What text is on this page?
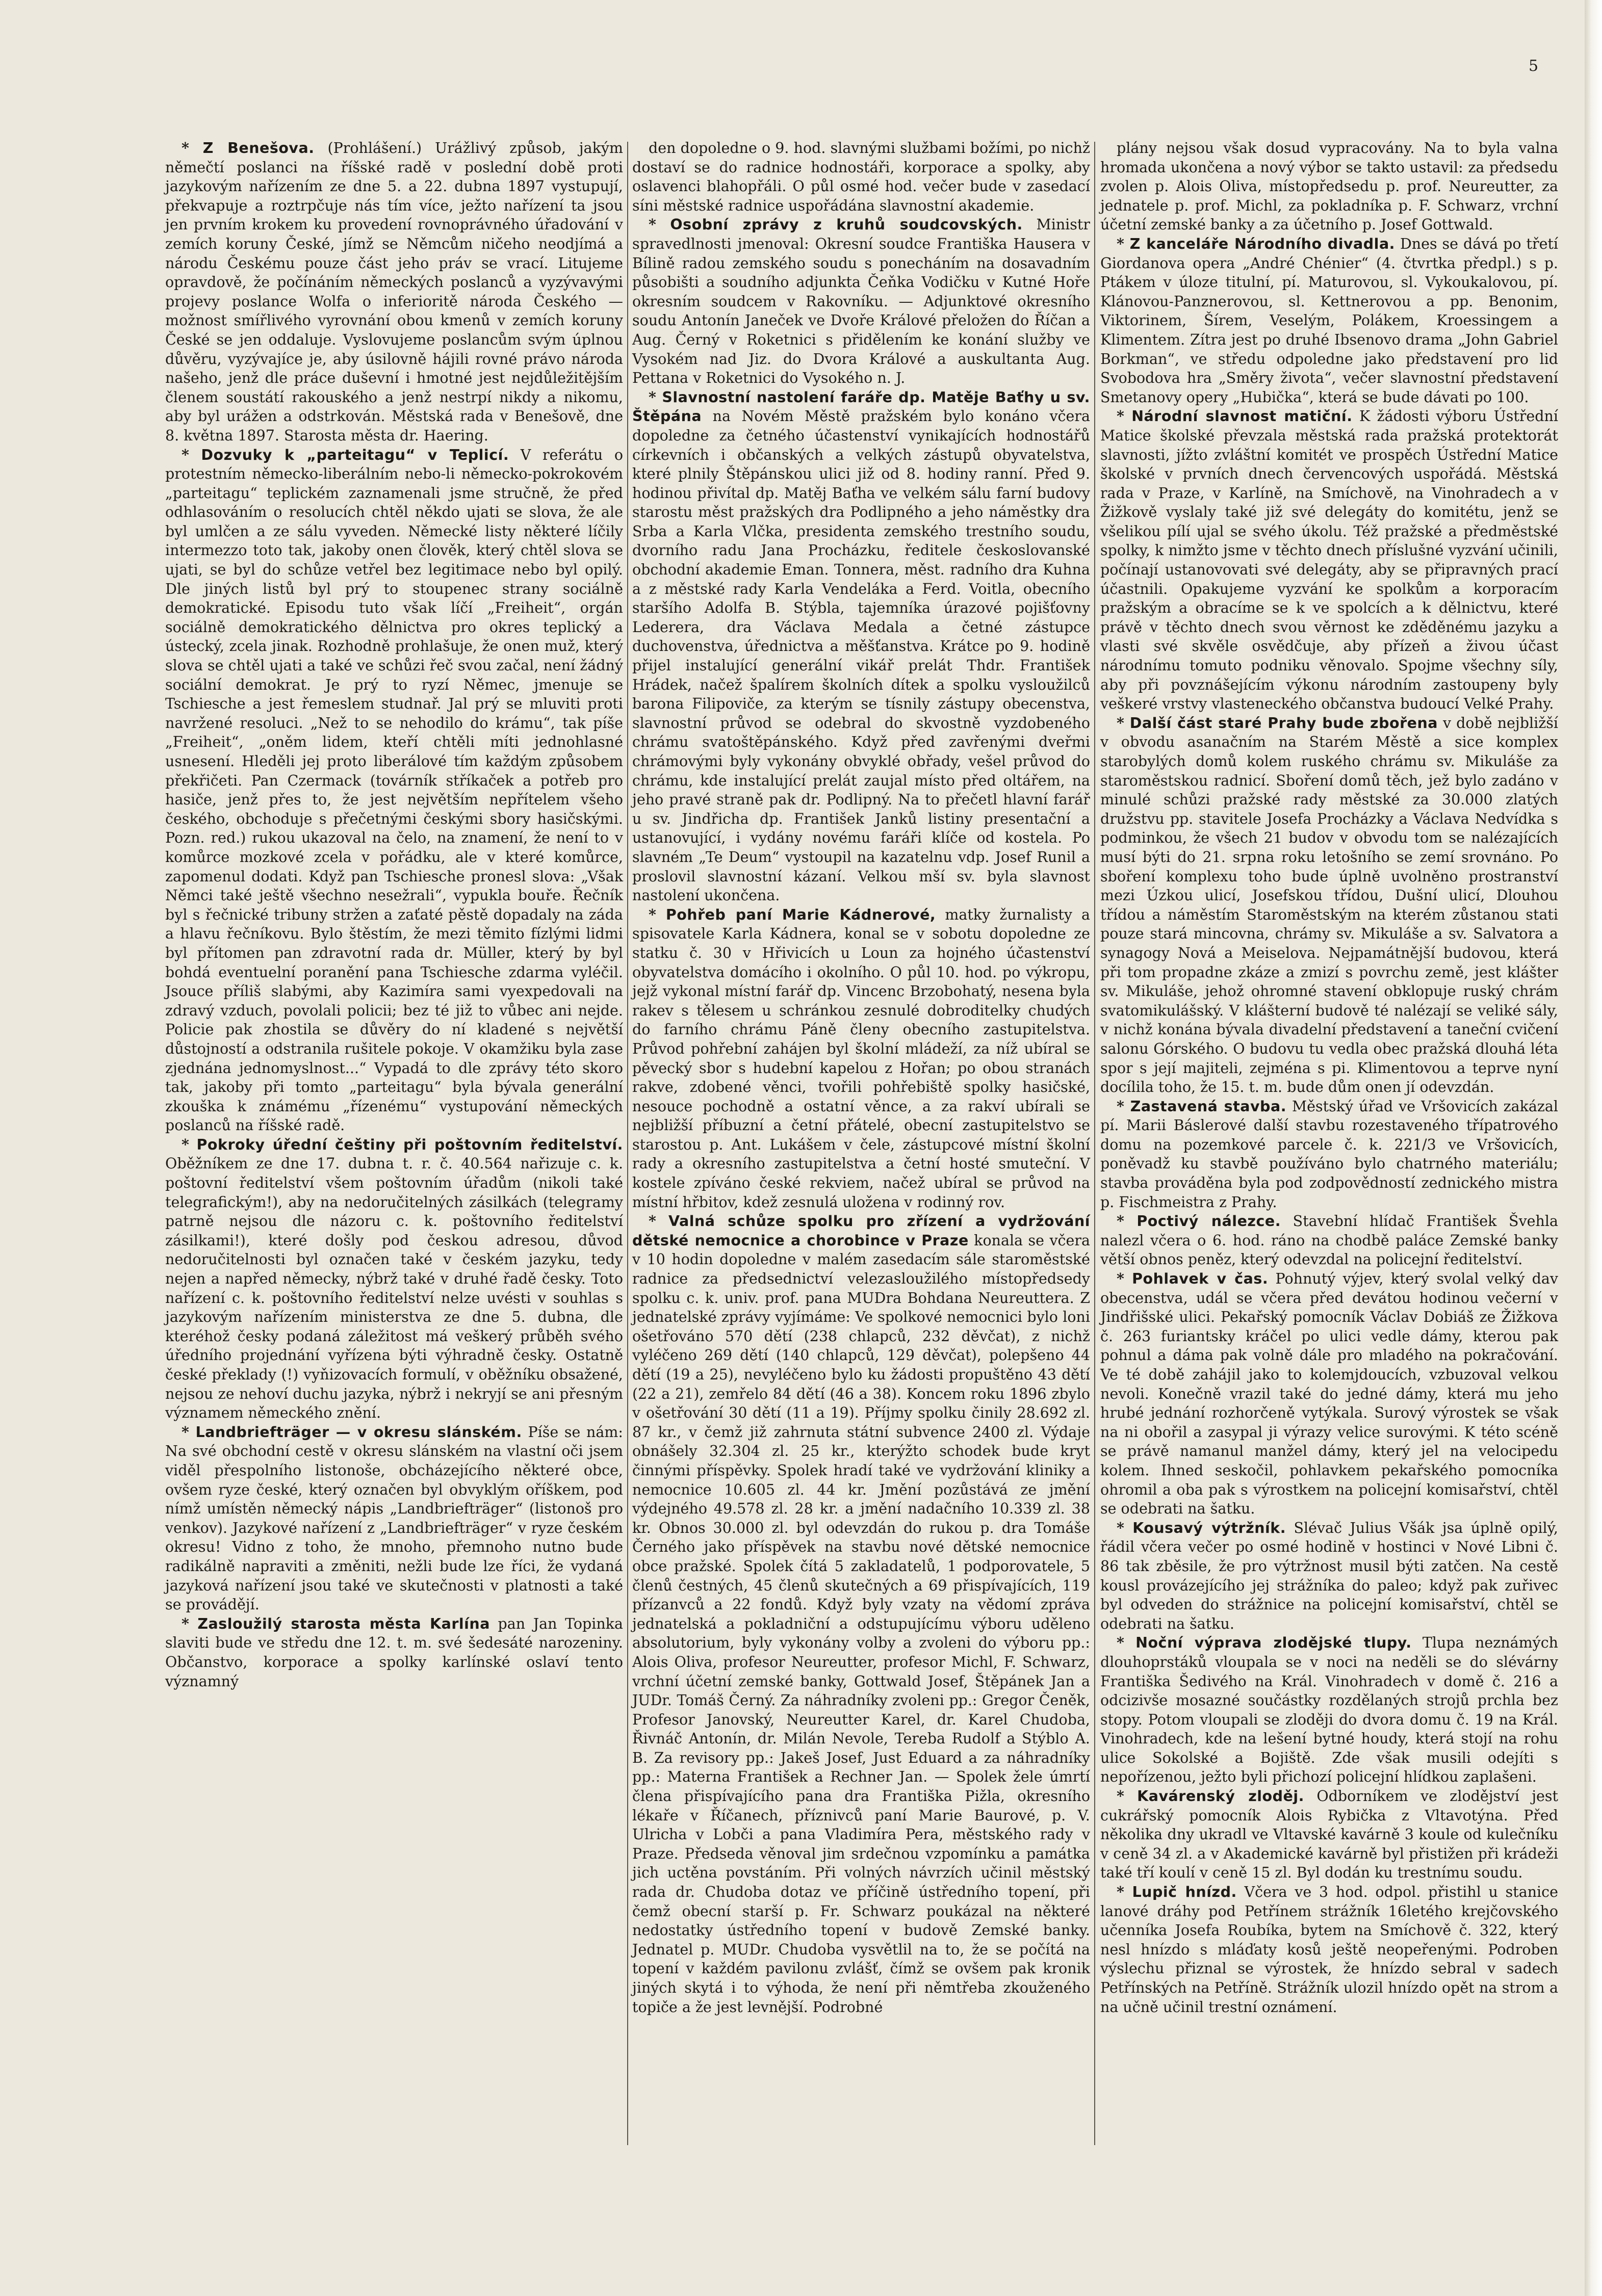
5

* Z Benešova. (Prohlášení.) Urážlivý způsob, jakým němečtí poslanci na říšské radě v poslední době proti jazykovým nařízením ze dne 5. a 22. dubna 1897 vystupují, překvapuje a roztrpčuje nás tím více, ježto nařízení ta jsou jen prvním krokem ku provedení rovnoprávného úřadování v zemích koruny České, jímž se Němcům ničeho neodjímá a národu Českému pouze část jeho práv se vrací. Litujeme opravdově, že počínáním německých poslanců a vyzývavými projevy poslance Wolfa o inferioritě národa Českého — možnost smířlivého vyrovnání obou kmenů v zemích koruny České se jen oddaluje. Vyslovujeme poslancům svým úplnou důvěru, vyzývajíce je, aby úsilovně hájili rovné právo národa našeho, jenž dle práce duševní i hmotné jest nejdůležitějším členem soustátí rakouského a jenž nestrpí nikdy a nikomu, aby byl urážen a odstrkován. Městská rada v Benešově, dne 8. května 1897. Starosta města dr. Haering.

* Dozvuky k „parteitagu“ v Teplicí. V referátu o protestním německo-liberálním nebo-li německo-pokrokovém „parteitagu“ teplickém zaznamenali jsme stručně, že před odhlasováním o resolucích chtěl někdo ujati se slova, že ale byl umlčen a ze sálu vyveden. Německé listy některé líčily intermezzo toto tak, jakoby onen člověk, který chtěl slova se ujati, se byl do schůze vetřel bez legitimace nebo byl opilý. Dle jiných listů byl prý to stoupenec strany sociálně demokratické. Episodu tuto však líčí „Freiheit“, orgán sociálně demokratického dělnictva pro okres teplický a ústecký, zcela jinak. Rozhodně prohlašuje, že onen muž, který slova se chtěl ujati a také ve schůzi řeč svou začal, není žádný sociální demokrat. Je prý to ryzí Němec, jmenuje se Tschiesche a jest řemeslem studnař. Jal prý se mluviti proti navržené resoluci. „Než to se nehodilo do krámu“, tak píše „Freiheit“, „oněm lidem, kteří chtěli míti jednohlasné usnesení. Hleděli jej proto liberálové tím každým způsobem překřičeti. Pan Czermack (továrník stříkaček a potřeb pro hasiče, jenž přes to, že jest největším nepřítelem všeho českého, obchoduje s přečetnými českými sbory hasičskými. Pozn. red.) rukou ukazoval na čelo, na znamení, že není to v komůrce mozkové zcela v pořádku, ale v které komůrce, zapomenul dodati. Když pan Tschiesche pronesl slova: „Však Němci také ještě všechno nesežrali“, vypukla bouře. Řečník byl s řečnické tribuny stržen a zaťaté pěstě dopadaly na záda a hlavu řečníkovu. Bylo štěstím, že mezi těmito fízlými lidmi byl přítomen pan zdravotní rada dr. Müller, který by byl bohdá eventuelní poranění pana Tschiesche zdarma vyléčil. Jsouce příliš slabými, aby Kazimíra sami vyexpedovali na zdravý vzduch, povolali policii; bez té již to vůbec ani nejde. Policie pak zhostila se důvěry do ní kladené s největší důstojností a odstranila rušitele pokoje. V okamžiku byla zase zjednána jednomyslnost...“ Vypadá to dle zprávy této skoro tak, jakoby při tomto „parteitagu“ byla bývala generální zkouška k známému „řízenému“ vystupování německých poslanců na říšské radě.

* Pokroky úřední češtiny při poštovním ředitelství. Oběžníkem ze dne 17. dubna t. r. č. 40.564 nařizuje c. k. poštovní ředitelství všem poštovním úřadům (nikoli také telegrafickým!), aby na nedoručitelných zásilkách (telegramy patrně nejsou dle názoru c. k. poštovního ředitelství zásilkami!), které došly pod českou adresou, důvod nedoručitelnosti byl označen také v českém jazyku, tedy nejen a napřed německy, nýbrž také v druhé řadě česky. Toto nařízení c. k. poštovního ředitelství nelze uvésti v souhlas s jazykovým nařízením ministerstva ze dne 5. dubna, dle kteréhož česky podaná záležitost má veškerý průběh svého úředního projednání vyřízena býti výhradně česky. Ostatně české překlady (!) vyňizovacích formulí, v oběžníku obsažené, nejsou ze nehoví duchu jazyka, nýbrž i nekryjí se ani přesným významem německého znění.

* Landbriefträger — v okresu slánském. Píše se nám: Na své obchodní cestě v okresu slánském na vlastní oči jsem viděl přespolního listonoše, obcházejícího některé obce, ovšem ryze české, který označen byl obvyklým oříškem, pod nímž umístěn německý nápis „Landbriefträger“ (listonoš pro venkov). Jazykové nařízení z „Landbriefträger“ v ryze českém okresu! Vidno z toho, že mnoho, přemnoho nutno bude radikálně napraviti a změniti, nežli bude lze říci, že vydaná jazyková nařízení jsou také ve skutečnosti v platnosti a také se provádějí.

* Zasloužilý starosta města Karlína pan Jan Topinka slaviti bude ve středu dne 12. t. m. své šedesáté narozeniny. Občanstvo, korporace a spolky karlínské oslaví tento významný

den dopoledne o 9. hod. slavnými službami božími, po nichž dostaví se do radnice hodnostáři, korporace a spolky, aby oslavenci blahopřáli. O půl osmé hod. večer bude v zasedací síni městské radnice uspořádána slavnostní akademie.

* Osobní zprávy z kruhů soudcovských. Ministr spravedlnosti jmenoval: Okresní soudce Františka Hausera v Bílině radou zemského soudu s ponecháním na dosavadním působišti a soudního adjunkta Čeňka Vodičku v Kutné Hoře okresním soudcem v Rakovníku. — Adjunktové okresního soudu Antonín Janeček ve Dvoře Králové přeložen do Říčan a Aug. Černý v Roketnici s přidělením ke konání služby ve Vysokém nad Jiz. do Dvora Králové a auskultanta Aug. Pettana v Roketnici do Vysokého n. J.

* Slavnostní nastolení faráře dp. Matěje Baťhy u sv. Štěpána na Novém Městě pražském bylo konáno včera dopoledne za četného účastenství vynikajících hodnostářů církevních i občanských a velkých zástupů obyvatelstva, které plnily Štěpánskou ulici již od 8. hodiny ranní. Před 9. hodinou přivítal dp. Matěj Baťha ve velkém sálu farní budovy starostu měst pražských dra Podlipného a jeho náměstky dra Srba a Karla Vlčka, presidenta zemského trestního soudu, dvorního radu Jana Procházku, ředitele českoslovanské obchodní akademie Eman. Tonnera, měst. radního dra Kuhna a z městské rady Karla Vendeláka a Ferd. Voitla, obecního staršího Adolfa B. Stýbla, tajemníka úrazové pojišťovny Lederera, dra Václava Medala a četné zástupce duchovenstva, úřednictva a měšťanstva. Krátce po 9. hodině přijel instalující generální vikář prelát Thdr. František Hrádek, načež špalírem školních dítek a spolku vysloužilců barona Filipoviče, za kterým se tísnily zástupy obecenstva, slavnostní průvod se odebral do skvostně vyzdobeného chrámu svatoštěpánského. Když před zavřenými dveřmi chrámovými byly vykonány obvyklé obřady, vešel průvod do chrámu, kde instalující prelát zaujal místo před oltářem, na jeho pravé straně pak dr. Podlipný. Na to přečetl hlavní farář u sv. Jindřicha dp. František Janků listiny presentační a ustanovující, i vydány novému faráři klíče od kostela. Po slavném „Te Deum“ vystoupil na kazatelnu vdp. Josef Runil a proslovil slavnostní kázaní. Velkou mší sv. byla slavnost nastolení ukončena.

* Pohřeb paní Marie Kádnerové, matky žurnalisty a spisovatele Karla Kádnera, konal se v sobotu dopoledne ze statku č. 30 v Hřivicích u Loun za hojného účastenství obyvatelstva domácího i okolního. O půl 10. hod. po výkropu, jejž vykonal místní farář dp. Vincenc Brzobohatý, nesena byla rakev s tělesem u schránkou zesnulé dobroditelky chudých do farního chrámu Páně členy obecního zastupitelstva. Průvod pohřební zahájen byl školní mládeží, za níž ubíral se pěvecký sbor s hudební kapelou z Hořan; po obou stranách rakve, zdobené věnci, tvořili pohřebiště spolky hasičské, nesouce pochodně a ostatní věnce, a za rakví ubírali se nejbližší příbuzní a četní přátelé, obecní zastupitelstvo se starostou p. Ant. Lukášem v čele, zástupcové místní školní rady a okresního zastupitelstva a četní hosté smuteční. V kostele zpíváno české rekviem, načež ubíral se průvod na místní hřbitov, kdež zesnulá uložena v rodinný rov.

* Valná schůze spolku pro zřízení a vydržování dětské nemocnice a chorobince v Praze konala se včera v 10 hodin dopoledne v malém zasedacím sále staroměstské radnice za předsednictví velezasloužilého místopředsedy spolku c. k. univ. prof. pana MUDra Bohdana Neureuttera. Z jednatelské zprávy vyjímáme: Ve spolkové nemocnici bylo loni ošetřováno 570 dětí (238 chlapců, 232 děvčat), z nichž vyléčeno 269 dětí (140 chlapců, 129 děvčat), polepšeno 44 dětí (19 a 25), nevyléčeno bylo ku žádosti propuštěno 43 dětí (22 a 21), zemřelo 84 dětí (46 a 38). Koncem roku 1896 zbylo v ošetřování 30 dětí (11 a 19). Příjmy spolku činily 28.692 zl. 87 kr., v čemž již zahrnuta státní subvence 2400 zl. Výdaje obnášely 32.304 zl. 25 kr., kterýžto schodek bude kryt činnými příspěvky. Spolek hradí také ve vydržování kliniky a nemocnice 10.605 zl. 44 kr. Jmění pozůstává ze jmění výdejného 49.578 zl. 28 kr. a jmění nadačního 10.339 zl. 38 kr. Obnos 30.000 zl. byl odevzdán do rukou p. dra Tomáše Černého jako příspěvek na stavbu nové dětské nemocnice obce pražské. Spolek čítá 5 zakladatelů, 1 podporovatele, 5 členů čestných, 45 členů skutečných a 69 přispívajících, 119 přízanvců a 22 fondů. Když byly vzaty na vědomí zpráva jednatelská a pokladniční a odstupujícímu výboru uděleno absolutorium, byly vykonány volby a zvoleni do výboru pp.: Alois Oliva, profesor Neureutter, profesor Michl, F. Schwarz, vrchní účetní zemské banky, Gottwald Josef, Štěpánek Jan a JUDr. Tomáš Černý. Za náhradníky zvoleni pp.: Gregor Čeněk, Profesor Janovský, Neureutter Karel, dr. Karel Chudoba, Řivnáč Antonín, dr. Milán Nevole, Tereba Rudolf a Stýblo A. B. Za revisory pp.: Jakeš Josef, Just Eduard a za náhradníky pp.: Materna František a Rechner Jan. — Spolek žele úmrtí člena přispívajícího pana dra Františka Pižla, okresního lékaře v Říčanech, příznivců paní Marie Baurové, p. V. Ulricha v Lobči a pana Vladimíra Pera, městského rady v Praze. Předseda věnoval jim srdečnou vzpomínku a památka jich uctěna povstáním. Při volných návrzích učinil městský rada dr. Chudoba dotaz ve příčině ústředního topení, při čemž obecní starší p. Fr. Schwarz poukázal na některé nedostatky ústředního topení v budově Zemské banky. Jednatel p. MUDr. Chudoba vysvětlil na to, že se počítá na topení v každém pavilonu zvlášť, čímž se ovšem pak kronik jiných skytá i to výhoda, že není při němtřeba zkouženého topiče a že jest levnější. Podrobné

plány nejsou však dosud vypracovány. Na to byla valna hromada ukončena a nový výbor se takto ustavil: za předsedu zvolen p. Alois Oliva, místopředsedu p. prof. Neureutter, za jednatele p. prof. Michl, za pokladníka p. F. Schwarz, vrchní účetní zemské banky a za účetního p. Josef Gottwald.

* Z kanceláře Národního divadla. Dnes se dává po třetí Giordanova opera „André Chénier“ (4. čtvrtka předpl.) s p. Ptákem v úloze titulní, pí. Maturovou, sl. Vykoukalovou, pí. Klánovou-Panznerovou, sl. Kettnerovou a pp. Benonim, Viktorinem, Šírem, Veselým, Polákem, Kroessingem a Klimentem. Zítra jest po druhé Ibsenovo drama „John Gabriel Borkman“, ve středu odpoledne jako představení pro lid Svobodova hra „Směry života“, večer slavnostní představení Smetanovy opery „Hubička“, která se bude dávati po 100.

* Národní slavnost matiční. K žádosti výboru Ústřední Matice školské převzala městská rada pražská protektorát slavnosti, jížto zvláštní komitét ve prospěch Ústřední Matice školské v prvních dnech červencových uspořádá. Městská rada v Praze, v Karlíně, na Smíchově, na Vinohradech a v Žižkově vyslaly také již své delegáty do komitétu, jenž se všelikou pílí ujal se svého úkolu. Též pražské a předměstské spolky, k nimžto jsme v těchto dnech příslušné vyzvání učinili, počínají ustanovovati své delegáty, aby se připravných prací účastnili. Opakujeme vyzvání ke spolkům a korporacím pražským a obracíme se k ve spolcích a k dělnictvu, které právě v těchto dnech svou věrnost ke zděděnému jazyku a vlasti své skvěle osvědčuje, aby přízeň a živou účast národnímu tomuto podniku věnovalo. Spojme všechny síly, aby při povznášejícím výkonu národním zastoupeny byly veškeré vrstvy vlasteneckého občanstva budoucí Velké Prahy.

* Další část staré Prahy bude zbořena v době nejbližší v obvodu asanačním na Starém Městě a sice komplex starobylých domů kolem ruského chrámu sv. Mikuláše za staroměstskou radnicí. Sboření domů těch, jež bylo zadáno v minulé schůzi pražské rady městské za 30.000 zlatých družstvu pp. stavitele Josefa Procházky a Václava Nedvídka s podminkou, že všech 21 budov v obvodu tom se nalézajících musí býti do 21. srpna roku letošního se zemí srovnáno. Po sboření komplexu toho bude úplně uvolněno prostranství mezi Úzkou ulicí, Josefskou třídou, Dušní ulicí, Dlouhou třídou a náměstím Staroměstským na kterém zůstanou stati pouze stará mincovna, chrámy sv. Mikuláše a sv. Salvatora a synagogy Nová a Meiselova. Nejpamátnější budovou, která při tom propadne zkáze a zmizí s povrchu země, jest klášter sv. Mikuláše, jehož ohromné stavení obklopuje ruský chrám svatomikulášský. V klášterní budově té nalézají se veliké sály, v nichž konána bývala divadelní představení a taneční cvičení salonu Górského. O budovu tu vedla obec pražská dlouhá léta spor s její majiteli, zejména s pi. Klimentovou a teprve nyní docílila toho, že 15. t. m. bude dům onen jí odevzdán.

* Zastavená stavba. Městský úřad ve Vršovicích zakázal pí. Marii Báslerové další stavbu rozestaveného třípatrového domu na pozemkové parcele č. k. 221/3 ve Vršovicích, poněvadž ku stavbě používáno bylo chatrného materiálu; stavba prováděna byla pod zodpovědností zednického mistra p. Fischmeistra z Prahy.

* Poctivý nálezce. Stavební hlídač František Švehla nalezl včera o 6. hod. ráno na chodbě paláce Zemské banky větší obnos peněz, který odevzdal na policejní ředitelství.

* Pohlavek v čas. Pohnutý výjev, který svolal velký dav obecenstva, udál se včera před devátou hodinou večerní v Jindřišské ulici. Pekařský pomocník Václav Dobiáš ze Žižkova č. 263 furiantsky kráčel po ulici vedle dámy, kterou pak pohnul a dáma pak volně dále pro mladého na pokračování. Ve té době zahájil jako to kolemjdoucích, vzbuzoval velkou nevoli. Konečně vrazil také do jedné dámy, která mu jeho hrubé jednání rozhorčeně vytýkala. Surový výrostek se však na ni obořil a zasypal ji výrazy velice surovými. K této scéně se právě namanul manžel dámy, který jel na velocipedu kolem. Ihned seskočil, pohlavkem pekařského pomocníka ohromil a oba pak s výrostkem na policejní komisařství, chtěl se odebrati na šatku.

* Kousavý výtržník. Slévač Julius Všák jsa úplně opilý, řádil včera večer po osmé hodině v hostinci v Nové Libni č. 86 tak zběsile, že pro výtržnost musil býti zatčen. Na cestě kousl provázejícího jej strážníka do paleo; když pak zuřivec byl odveden do strážnice na policejní komisařství, chtěl se odebrati na šatku.

* Noční výprava zlodějské tlupy. Tlupa neznámých dlouhoprstáků vloupala se v noci na neděli se do slévárny Františka Šedivého na Král. Vinohradech v domě č. 216 a odcizivše mosazné součástky rozdělaných strojů prchla bez stopy. Potom vloupali se zloději do dvora domu č. 19 na Král. Vinohradech, kde na lešení bytné houdy, která stojí na rohu ulice Sokolské a Bojiště. Zde však musili odejíti s nepořízenou, ježto byli přichozí policejní hlídkou zaplašeni.

* Kavárenský zloděj. Odborníkem ve zlodějství jest cukrářský pomocník Alois Rybička z Vltavotýna. Před několika dny ukradl ve Vltavské kavárně 3 koule od kulečníku v ceně 34 zl. a v Akademické kavárně byl přistižen při krádeži také tří koulí v ceně 15 zl. Byl dodán ku trestnímu soudu.

* Lupič hnízd. Včera ve 3 hod. odpol. přistihl u stanice lanové dráhy pod Petřínem strážník 16letého krejčovského učenníka Josefa Roubíka, bytem na Smíchově č. 322, který nesl hnízdo s mláďaty kosů ještě neopeřenými. Podroben výslechu přiznal se výrostek, že hnízdo sebral v sadech Petřínských na Petříně. Strážník ulozil hnízdo opět na strom a na učně učinil trestní oznámení.
